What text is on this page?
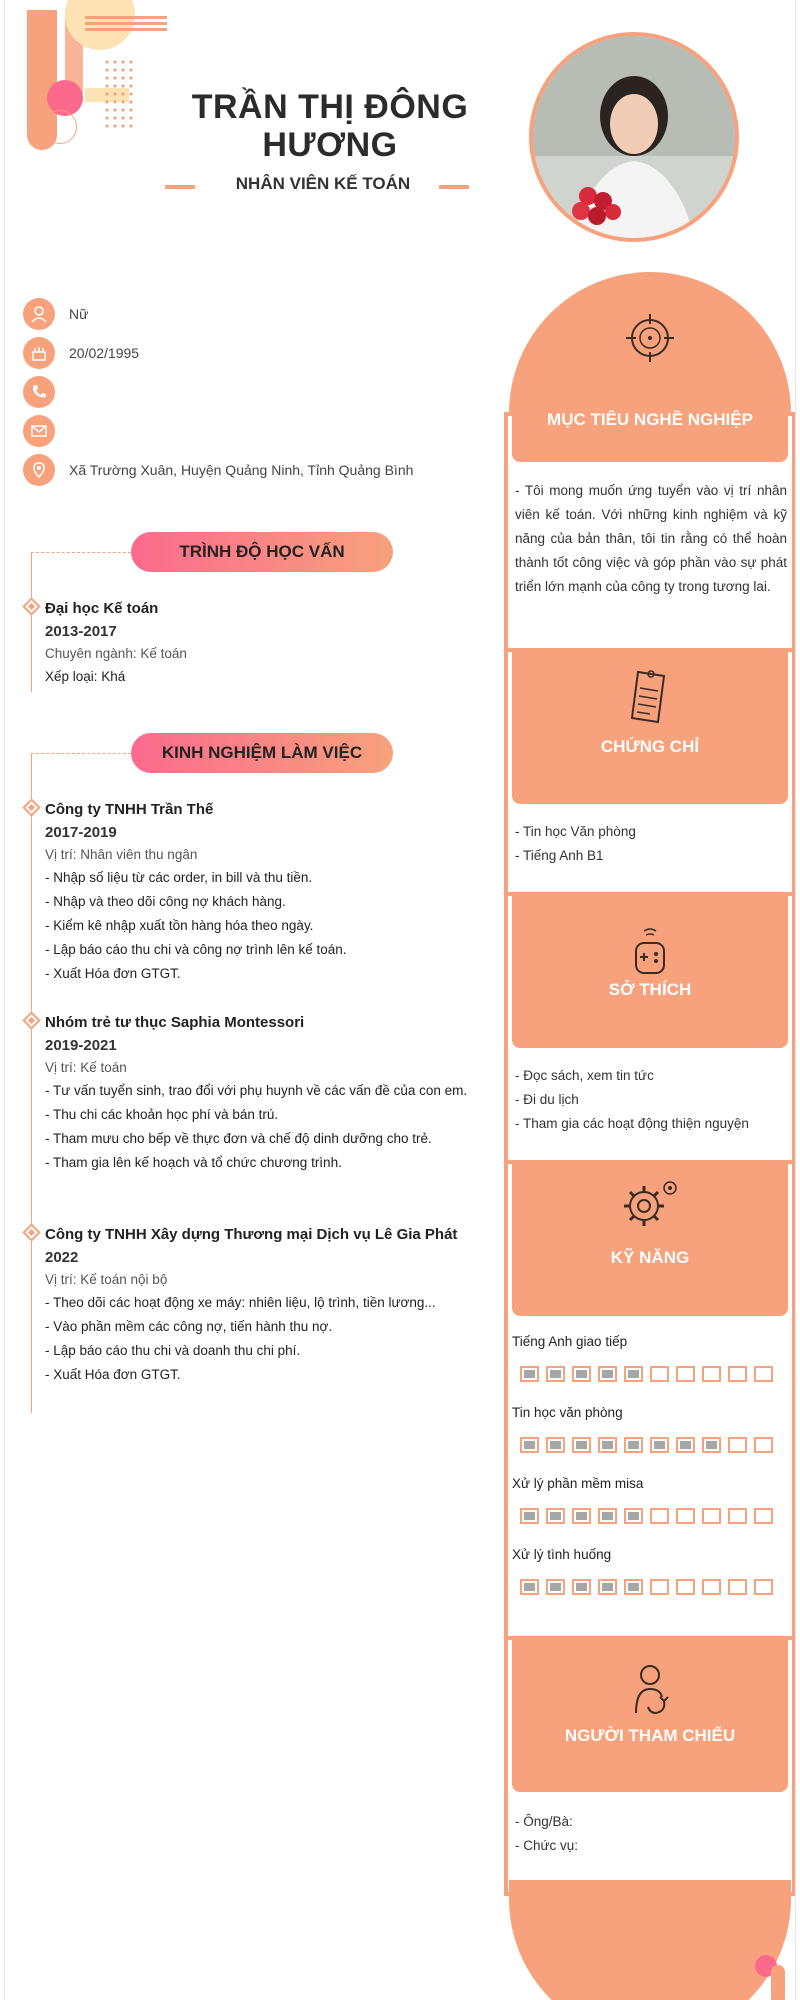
TRẦN THỊ ĐÔNG HƯƠNG
NHÂN VIÊN KẾ TOÁN
Nữ
20/02/1995
Xã Trường Xuân, Huyện Quảng Ninh, Tỉnh Quảng Bình
TRÌNH ĐỘ HỌC VẤN
Đại học Kế toán
2013-2017
Chuyên ngành: Kế toán
Xếp loại: Khá
KINH NGHIỆM LÀM VIỆC
Công ty TNHH Trần Thế
2017-2019
Vị trí: Nhân viên thu ngân
- Nhập số liệu từ các order, in bill và thu tiền.
- Nhập và theo dõi công nợ khách hàng.
- Kiểm kê nhập xuất tồn hàng hóa theo ngày.
- Lập báo cáo thu chi và công nợ trình lên kế toán.
- Xuất Hóa đơn GTGT.
Nhóm trẻ tư thục Saphia Montessori
2019-2021
Vị trí: Kế toán
- Tư vấn tuyển sinh, trao đổi với phụ huynh về các vấn đề của con em.
- Thu chi các khoản học phí và bán trú.
- Tham mưu cho bếp về thực đơn và chế độ dinh dưỡng cho trẻ.
- Tham gia lên kế hoạch và tổ chức chương trình.
Công ty TNHH Xây dựng Thương mại Dịch vụ Lê Gia Phát
2022
Vị trí: Kế toán nội bộ
- Theo dõi các hoạt động xe máy: nhiên liệu, lộ trình, tiền lương...
- Vào phần mềm các công nợ, tiến hành thu nợ.
- Lập báo cáo thu chi và doanh thu chi phí.
- Xuất Hóa đơn GTGT.
MỤC TIÊU NGHỀ NGHIỆP
- Tôi mong muốn ứng tuyển vào vị trí nhân viên kế toán. Với những kinh nghiệm và kỹ năng của bản thân, tôi tin rằng có thể hoàn thành tốt công việc và góp phần vào sự phát triển lớn mạnh của công ty trong tương lai.
CHỨNG CHỈ
- Tin học Văn phòng
- Tiếng Anh B1
SỞ THÍCH
- Đọc sách, xem tin tức
- Đi du lịch
- Tham gia các hoạt động thiện nguyện
KỸ NĂNG
Tiếng Anh giao tiếp
Tin học văn phòng
Xử lý phần mềm misa
Xử lý tình huống
NGƯỜI THAM CHIẾU
- Ông/Bà:
- Chức vụ:
